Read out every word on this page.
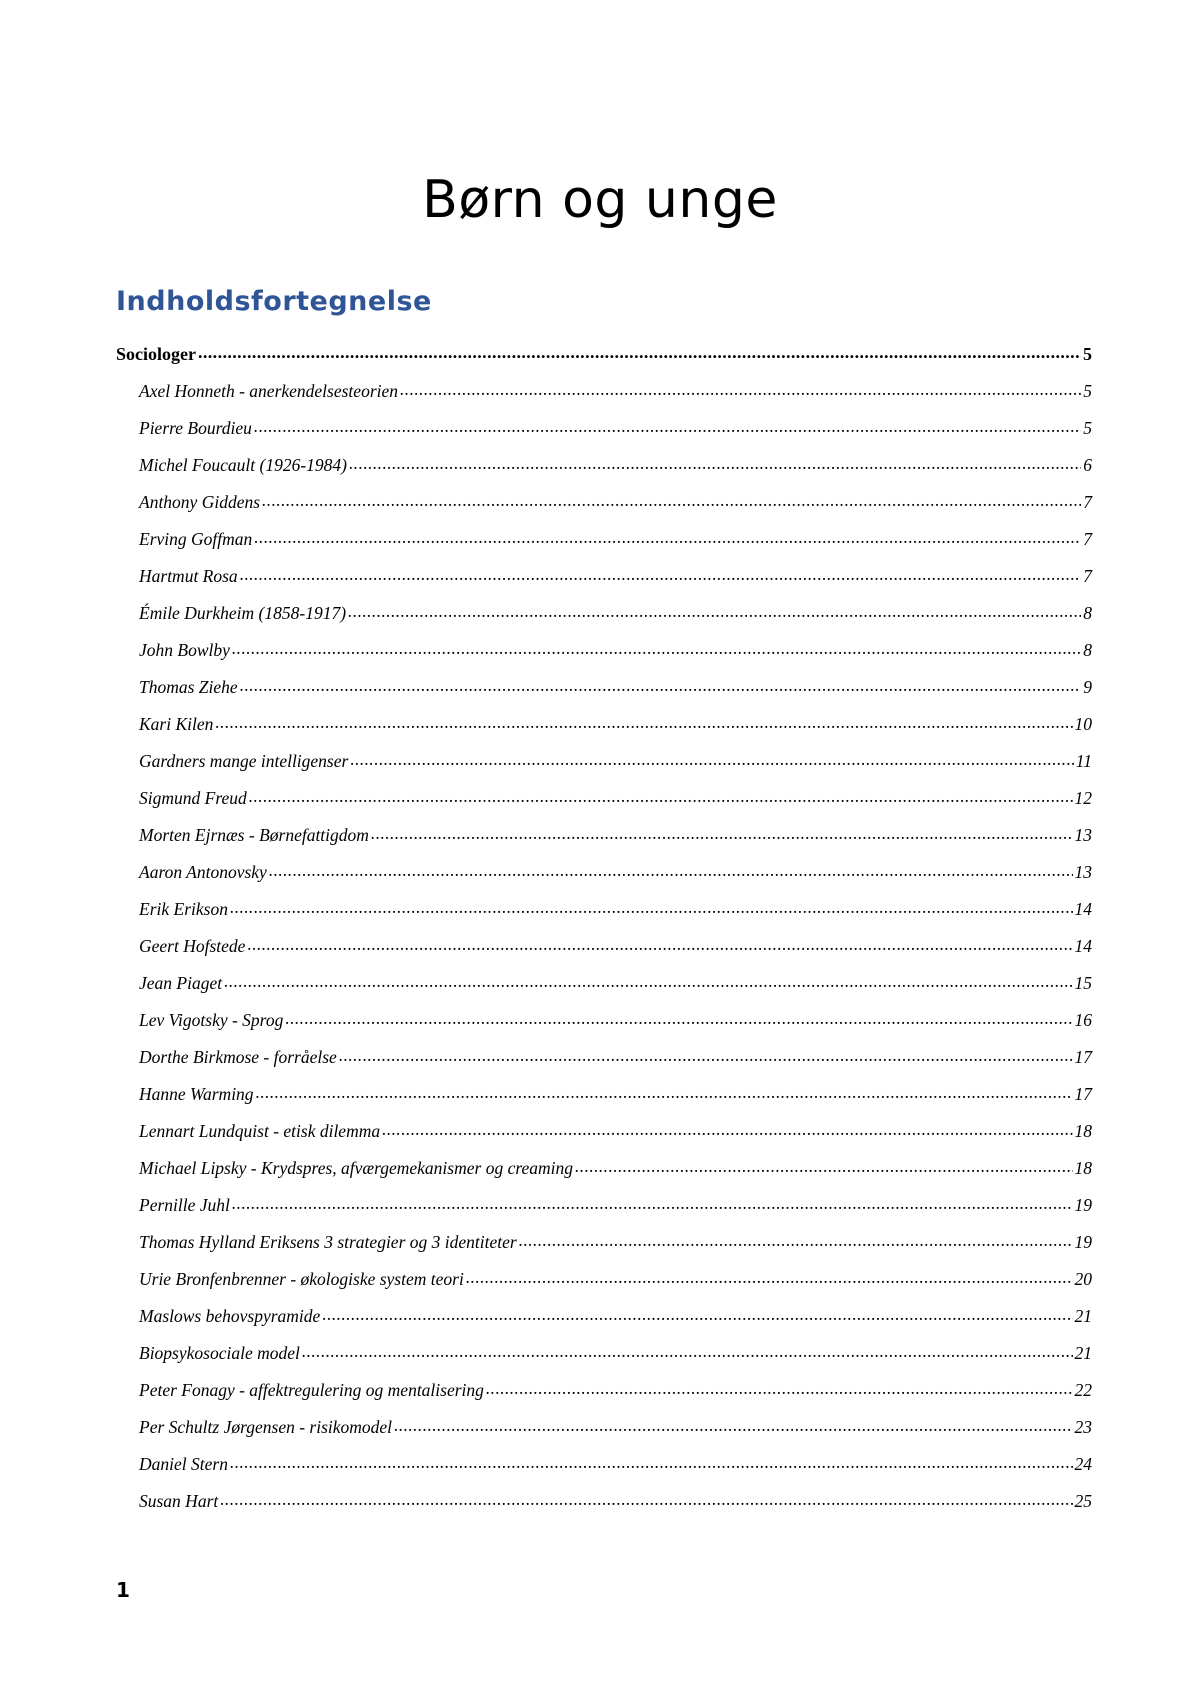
Børn og unge
Indholdsfortegnelse
Sociologer .....	5
Axel Honneth - anerkendelsesteorien .....	5
Pierre Bourdieu .....	5
Michel Foucault (1926-1984) .....	6
Anthony Giddens .....	7
Erving Goffman .....	7
Hartmut Rosa .....	7
Émile Durkheim (1858-1917) .....	8
John Bowlby .....	8
Thomas Ziehe .....	9
Kari Kilen .....	10
Gardners mange intelligenser .....	11
Sigmund Freud .....	12
Morten Ejrnæs - Børnefattigdom .....	13
Aaron Antonovsky .....	13
Erik Erikson .....	14
Geert Hofstede .....	14
Jean Piaget .....	15
Lev Vigotsky - Sprog .....	16
Dorthe Birkmose - forråelse .....	17
Hanne Warming .....	17
Lennart Lundquist - etisk dilemma .....	18
Michael Lipsky - Krydspres, afværgemekanismer og creaming .....	18
Pernille Juhl .....	19
Thomas Hylland Eriksens 3 strategier og 3 identiteter .....	19
Urie Bronfenbrenner - økologiske system teori .....	20
Maslows behovspyramide .....	21
Biopsykosociale model .....	21
Peter Fonagy - affektregulering og mentalisering .....	22
Per Schultz Jørgensen - risikomodel .....	23
Daniel Stern .....	24
Susan Hart .....	25
1
